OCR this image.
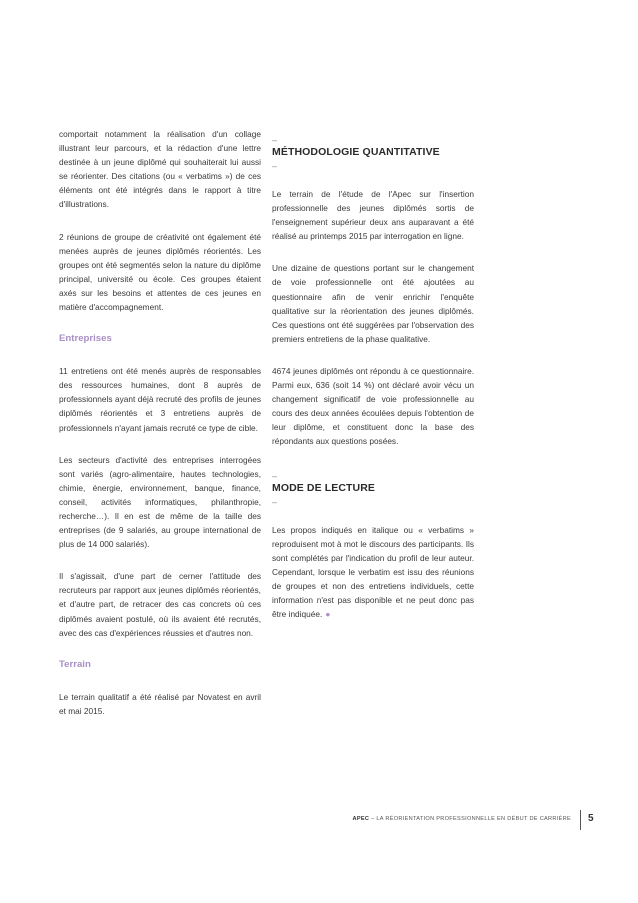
comportait notamment la réalisation d'un collage illustrant leur parcours, et la rédaction d'une lettre destinée à un jeune diplômé qui souhaiterait lui aussi se réorienter. Des citations (ou « verbatims ») de ces éléments ont été intégrés dans le rapport à titre d'illustrations.

2 réunions de groupe de créativité ont également été menées auprès de jeunes diplômés réorientés. Les groupes ont été segmentés selon la nature du diplôme principal, université ou école. Ces groupes étaient axés sur les besoins et attentes de ces jeunes en matière d'accompagnement.

Entreprises

11 entretiens ont été menés auprès de responsables des ressources humaines, dont 8 auprès de professionnels ayant déjà recruté des profils de jeunes diplômés réorientés et 3 entretiens auprès de professionnels n'ayant jamais recruté ce type de cible.

Les secteurs d'activité des entreprises interrogées sont variés (agro-alimentaire, hautes technologies, chimie, énergie, environnement, banque, finance, conseil, activités informatiques, philanthropie, recherche…). Il en est de même de la taille des entreprises (de 9 salariés, au groupe international de plus de 14 000 salariés).

Il s'agissait, d'une part de cerner l'attitude des recruteurs par rapport aux jeunes diplômés réorientés, et d'autre part, de retracer des cas concrets où ces diplômés avaient postulé, où ils avaient été recrutés, avec des cas d'expériences réussies et d'autres non.

Terrain

Le terrain qualitatif a été réalisé par Novatest en avril et mai 2015.

–
MÉTHODOLOGIE QUANTITATIVE
–

Le terrain de l'étude de l'Apec sur l'insertion professionnelle des jeunes diplômés sortis de l'enseignement supérieur deux ans auparavant a été réalisé au printemps 2015 par interrogation en ligne.

Une dizaine de questions portant sur le changement de voie professionnelle ont été ajoutées au questionnaire afin de venir enrichir l'enquête qualitative sur la réorientation des jeunes diplômés. Ces questions ont été suggérées par l'observation des premiers entretiens de la phase qualitative.

4674 jeunes diplômés ont répondu à ce questionnaire. Parmi eux, 636 (soit 14 %) ont déclaré avoir vécu un changement significatif de voie professionnelle au cours des deux années écoulées depuis l'obtention de leur diplôme, et constituent donc la base des répondants aux questions posées.

–
MODE DE LECTURE
–

Les propos indiqués en italique ou « verbatims » reproduisent mot à mot le discours des participants. Ils sont complétés par l'indication du profil de leur auteur. Cependant, lorsque le verbatim est issu des réunions de groupes et non des entretiens individuels, cette information n'est pas disponible et ne peut donc pas être indiquée. ●

APEC – LA RÉORIENTATION PROFESSIONNELLE EN DÉBUT DE CARRIÈRE 5
